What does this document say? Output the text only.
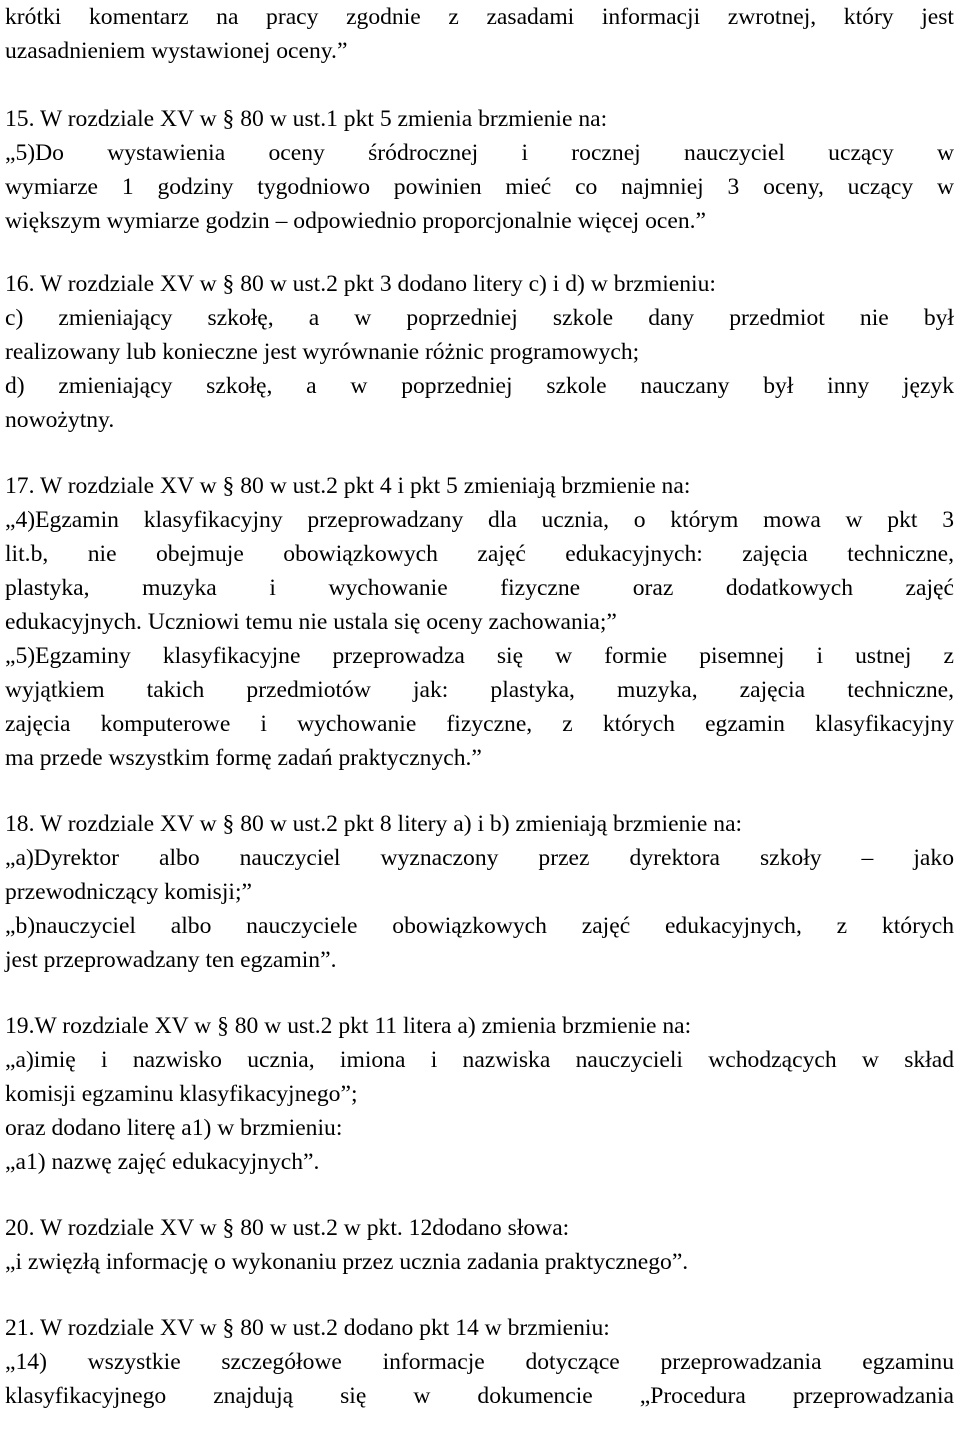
krótki komentarz na pracy zgodnie z zasadami informacji zwrotnej, który jest
uzasadnieniem wystawionej oceny.”
15. W rozdziale XV w § 80 w ust.1 pkt 5 zmienia brzmienie na:
„5)Do wystawienia oceny śródrocznej i rocznej nauczyciel uczący w
wymiarze 1 godziny tygodniowo powinien mieć co najmniej 3 oceny, uczący w
większym wymiarze godzin – odpowiednio proporcjonalnie więcej ocen.”
16. W rozdziale XV w § 80 w ust.2 pkt 3 dodano litery c) i d) w brzmieniu:
c) zmieniający szkołę, a w poprzedniej szkole dany przedmiot nie był
realizowany lub konieczne jest wyrównanie różnic programowych;
d) zmieniający szkołę, a w poprzedniej szkole nauczany był inny język
nowożytny.
17. W rozdziale XV w § 80 w ust.2 pkt 4 i pkt 5 zmieniają brzmienie na:
„4)Egzamin klasyfikacyjny przeprowadzany dla ucznia, o którym mowa w pkt 3
lit.b, nie obejmuje obowiązkowych zajęć edukacyjnych: zajęcia techniczne,
plastyka, muzyka i wychowanie fizyczne oraz dodatkowych zajęć
edukacyjnych. Uczniowi temu nie ustala się oceny zachowania;”
„5)Egzaminy klasyfikacyjne przeprowadza się w formie pisemnej i ustnej z
wyjątkiem takich przedmiotów jak: plastyka, muzyka, zajęcia techniczne,
zajęcia komputerowe i wychowanie fizyczne, z których egzamin klasyfikacyjny
ma przede wszystkim formę zadań praktycznych.”
18. W rozdziale XV w § 80 w ust.2 pkt 8 litery a) i b) zmieniają brzmienie na:
„a)Dyrektor albo nauczyciel wyznaczony przez dyrektora szkoły – jako
przewodniczący komisji;”
„b)nauczyciel albo nauczyciele obowiązkowych zajęć edukacyjnych, z których
jest przeprowadzany ten egzamin”.
19.W rozdziale XV w § 80 w ust.2 pkt 11 litera a) zmienia brzmienie na:
„a)imię i nazwisko ucznia, imiona i nazwiska nauczycieli wchodzących w skład
komisji egzaminu klasyfikacyjnego”;
oraz dodano literę a1) w brzmieniu:
„a1) nazwę zajęć edukacyjnych”.
20. W rozdziale XV w § 80 w ust.2 w pkt. 12dodano słowa:
„i zwięzłą informację o wykonaniu przez ucznia zadania praktycznego”.
21. W rozdziale XV w § 80 w ust.2 dodano pkt 14 w brzmieniu:
„14) wszystkie szczegółowe informacje dotyczące przeprowadzania egzaminu
klasyfikacyjnego znajdują się w dokumencie „Procedura przeprowadzania
